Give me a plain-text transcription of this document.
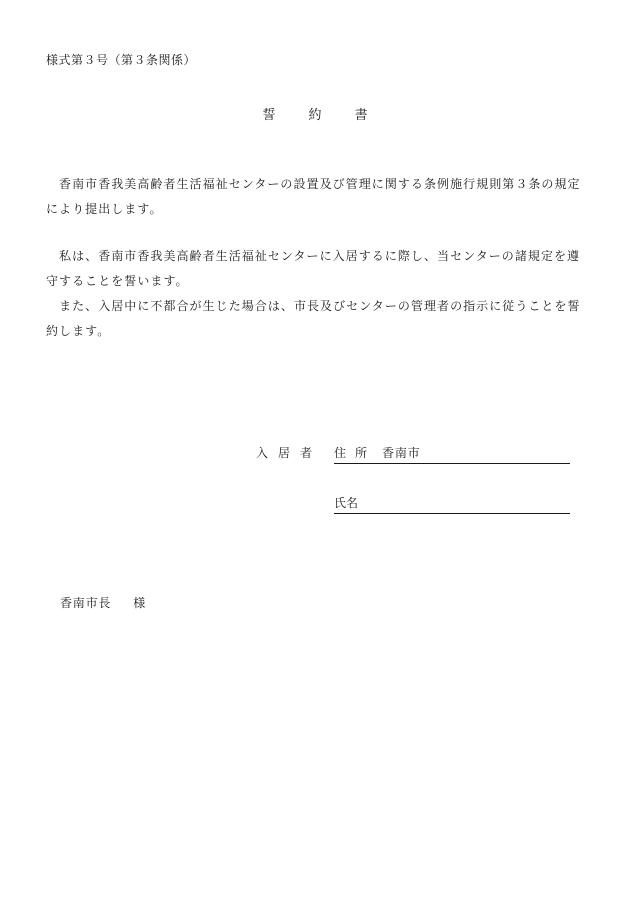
様式第３号（第３条関係）
誓　約　書
　香南市香我美高齢者生活福祉センターの設置及び管理に関する条例施行規則第３条の規定により提出します。
　私は、香南市香我美高齢者生活福祉センターに入居するに際し、当センターの諸規定を遵守することを誓います。
　また、入居中に不都合が生じた場合は、市長及びセンターの管理者の指示に従うことを誓約します。
入居者 住所 香南市
氏名
香南市長 様
